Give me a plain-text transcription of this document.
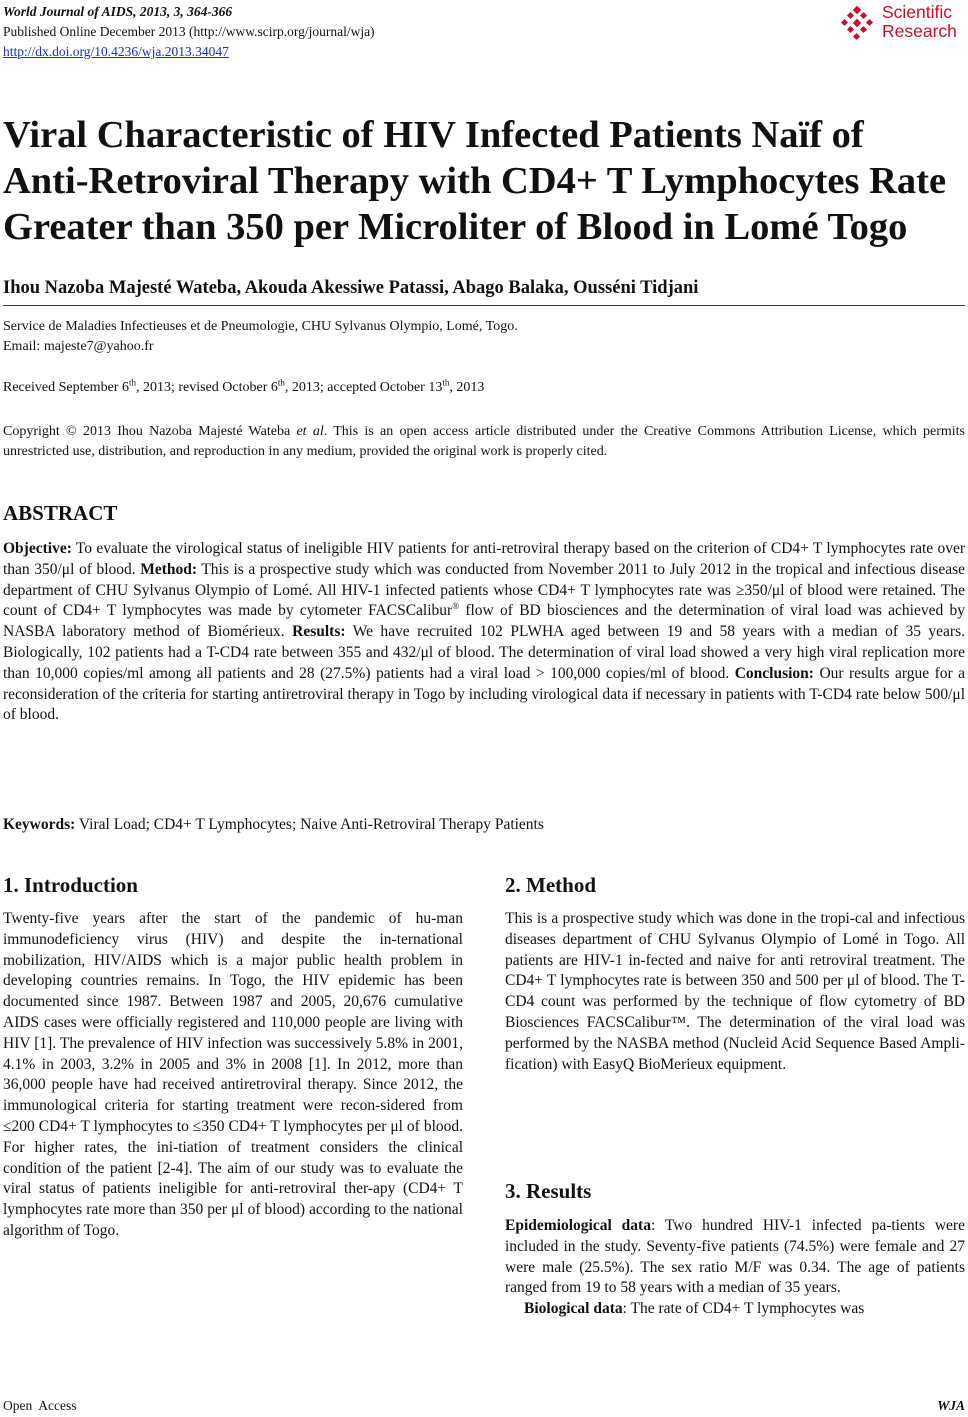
World Journal of AIDS, 2013, 3, 364-366
Published Online December 2013 (http://www.scirp.org/journal/wja)
http://dx.doi.org/10.4236/wja.2013.34047
Scientific
Research
Viral Characteristic of HIV Infected Patients Naïf of
Anti-Retroviral Therapy with CD4+ T Lymphocytes Rate
Greater than 350 per Microliter of Blood in Lomé Togo
Ihou Nazoba Majesté Wateba, Akouda Akessiwe Patassi, Abago Balaka, Ousséni Tidjani
Service de Maladies Infectieuses et de Pneumologie, CHU Sylvanus Olympio, Lomé, Togo.
Email: majeste7@yahoo.fr
Received September 6th, 2013; revised October 6th, 2013; accepted October 13th, 2013
Copyright © 2013 Ihou Nazoba Majesté Wateba et al. This is an open access article distributed under the Creative Commons Attribution License, which permits unrestricted use, distribution, and reproduction in any medium, provided the original work is properly cited.
ABSTRACT

Objective: To evaluate the virological status of ineligible HIV patients for anti-retroviral therapy based on the criterion of CD4+ T lymphocytes rate over than 350/μl of blood. Method: This is a prospective study which was conducted from November 2011 to July 2012 in the tropical and infectious disease department of CHU Sylvanus Olympio of Lomé. All HIV-1 infected patients whose CD4+ T lymphocytes rate was ≥350/μl of blood were retained. The count of CD4+ T lymphocytes was made by cytometer FACSCalibur® flow of BD biosciences and the determination of viral load was achieved by NASBA laboratory method of Biomérieux. Results: We have recruited 102 PLWHA aged between 19 and 58 years with a median of 35 years. Biologically, 102 patients had a T-CD4 rate between 355 and 432/μl of blood. The determination of viral load showed a very high viral replication more than 10,000 copies/ml among all patients and 28 (27.5%) patients had a viral load > 100,000 copies/ml of blood. Conclusion: Our results argue for a reconsideration of the criteria for starting antiretroviral therapy in Togo by including virological data if necessary in patients with T-CD4 rate below 500/μl of blood.

Keywords: Viral Load; CD4+ T Lymphocytes; Naive Anti-Retroviral Therapy Patients
1. Introduction

Twenty-five years after the start of the pandemic of hu-man immunodeficiency virus (HIV) and despite the in-ternational mobilization, HIV/AIDS which is a major public health problem in developing countries remains. In Togo, the HIV epidemic has been documented since 1987. Between 1987 and 2005, 20,676 cumulative AIDS cases were officially registered and 110,000 people are living with HIV [1]. The prevalence of HIV infection was successively 5.8% in 2001, 4.1% in 2003, 3.2% in 2005 and 3% in 2008 [1]. In 2012, more than 36,000 people have had received antiretroviral therapy. Since 2012, the immunological criteria for starting treatment were recon-sidered from ≤200 CD4+ T lymphocytes to ≤350 CD4+ T lymphocytes per μl of blood. For higher rates, the ini-tiation of treatment considers the clinical condition of the patient [2-4]. The aim of our study was to evaluate the viral status of patients ineligible for anti-retroviral ther-apy (CD4+ T lymphocytes rate more than 350 per μl of blood) according to the national algorithm of Togo.

2. Method

This is a prospective study which was done in the tropi-cal and infectious diseases department of CHU Sylvanus Olympio of Lomé in Togo. All patients are HIV-1 in-fected and naive for anti retroviral treatment. The CD4+ T lymphocytes rate is between 350 and 500 per μl of blood. The T-CD4 count was performed by the technique of flow cytometry of BD Biosciences FACSCalibur™. The determination of the viral load was performed by the NASBA method (Nucleid Acid Sequence Based Ampli-fication) with EasyQ BioMerieux equipment.

3. Results

Epidemiological data: Two hundred HIV-1 infected pa-tients were included in the study. Seventy-five patients (74.5%) were female and 27 were male (25.5%). The sex ratio M/F was 0.34. The age of patients ranged from 19 to 58 years with a median of 35 years.

Biological data: The rate of CD4+ T lymphocytes was

Open  Access	WJA
